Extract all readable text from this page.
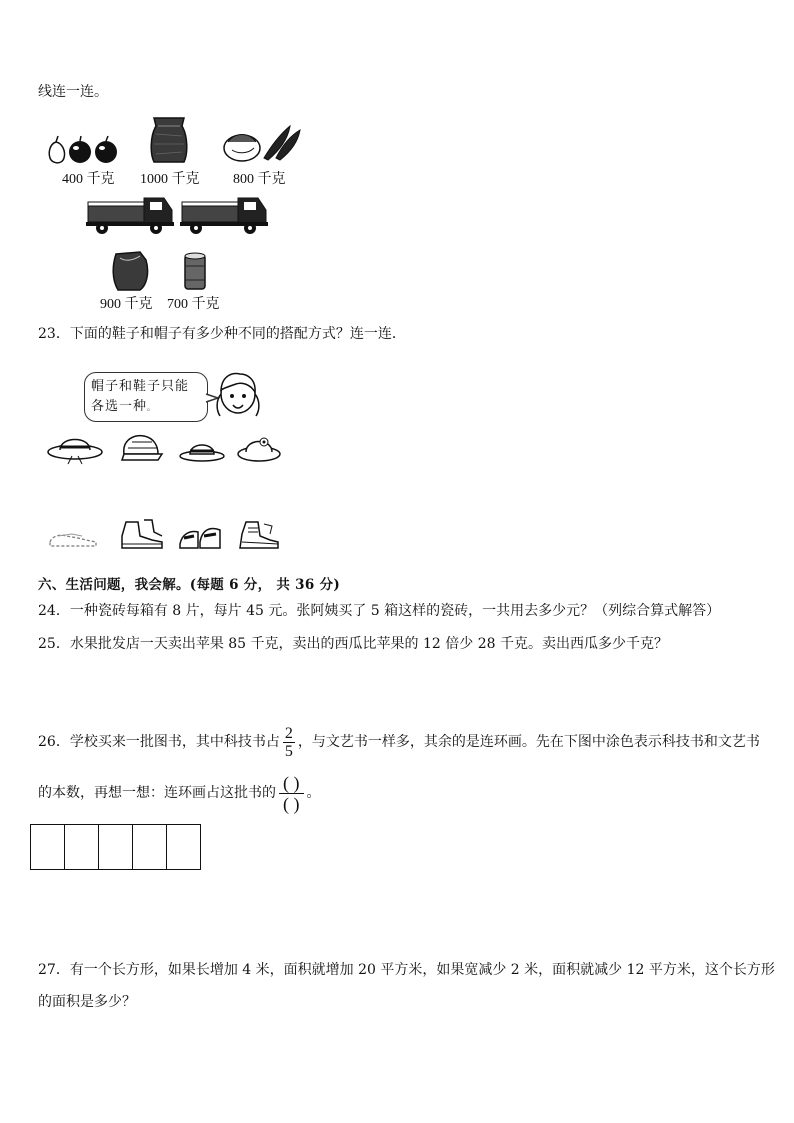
线连一连。
400 千克 1000 千克 800 千克
900 千克 700 千克
23．下面的鞋子和帽子有多少种不同的搭配方式？连一连．
帽子和鞋子只能
各选一种。
六、生活问题，我会解。(每题 6 分， 共 36 分)
24．一种瓷砖每箱有 8 片，每片 45 元。张阿姨买了 5 箱这样的瓷砖，一共用去多少元？（列综合算式解答）
25．水果批发店一天卖出苹果 85 千克，卖出的西瓜比苹果的 12 倍少 28 千克。卖出西瓜多少千克？
26．学校买来一批图书，其中科技书占 $\frac{2}{5}$ ，与文艺书一样多，其余的是连环画。先在下图中涂色表示科技书和文艺书
的本数，再想一想：连环画占这批书的 $\frac{( )}{( )}$ 。
27．有一个长方形，如果长增加 4 米，面积就增加 20 平方米，如果宽减少 2 米，面积就减少 12 平方米，这个长方形
的面积是多少？
